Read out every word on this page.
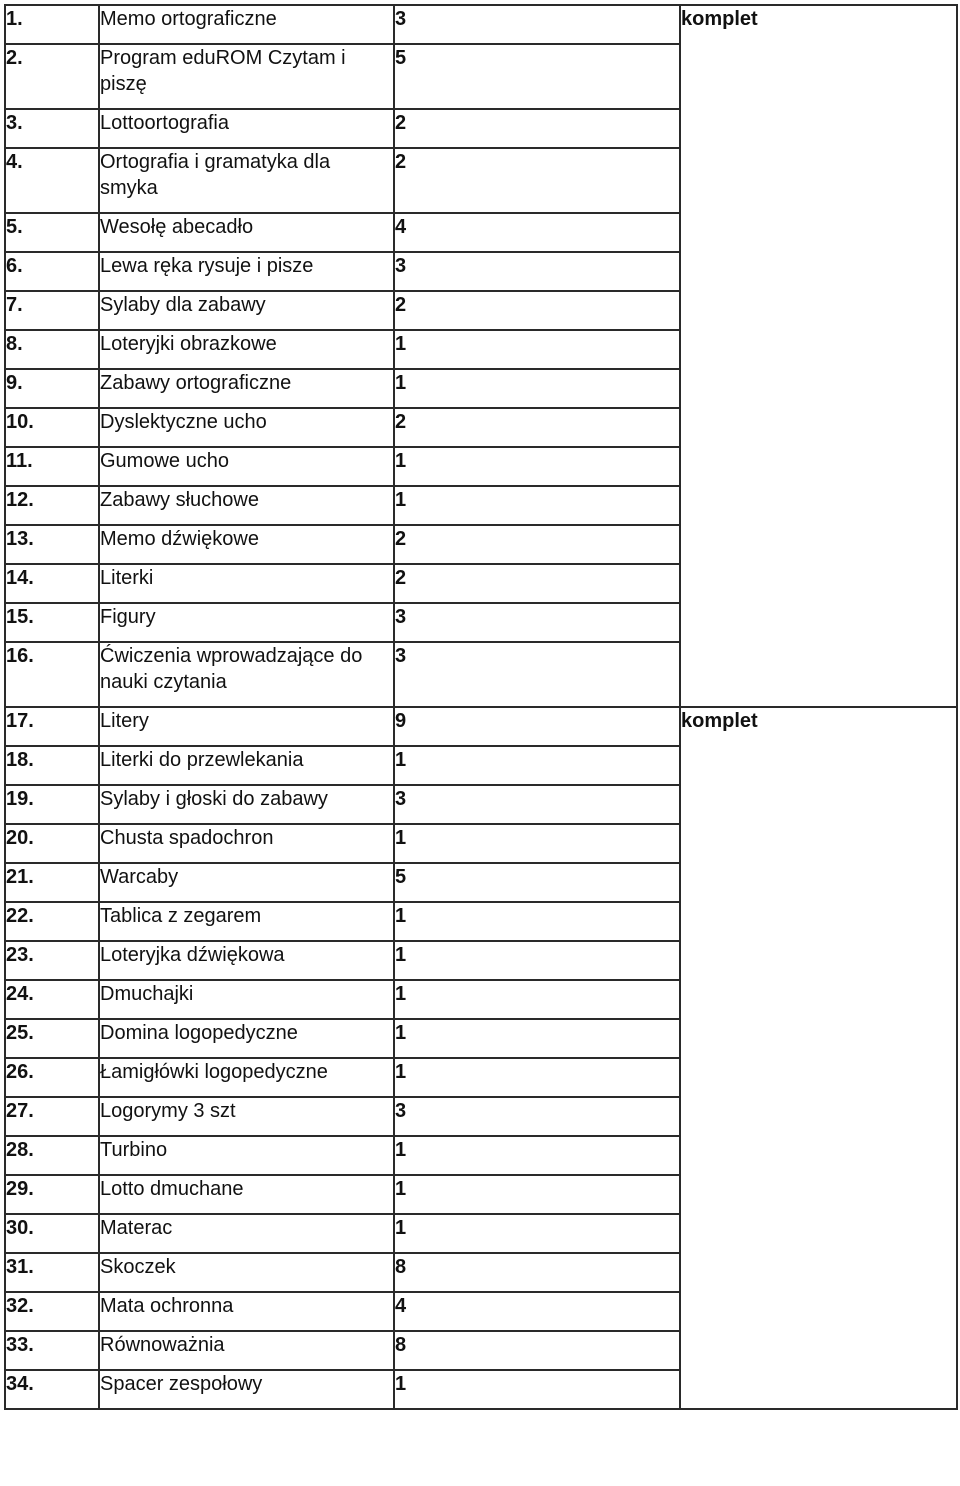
1.	Memo ortograficzne	3	komplet
2.	Program eduROM Czytam i piszę	5	
3.	Lottoortografia	2	
4.	Ortografia i gramatyka dla smyka	2	
5.	Wesołę abecadło	4	
6.	Lewa ręka rysuje i pisze	3	
7.	Sylaby dla zabawy	2	
8.	Loteryjki obrazkowe	1	
9.	Zabawy ortograficzne	1	
10.	Dyslektyczne ucho	2	
11.	Gumowe ucho	1	
12.	Zabawy słuchowe	1	
13.	Memo dźwiękowe	2	
14.	Literki	2	
15.	Figury	3	
16.	Ćwiczenia wprowadzające do nauki czytania	3	
17.	Litery	9	komplet
18.	Literki do przewlekania	1	
19.	Sylaby i głoski do zabawy	3	
20.	Chusta spadochron	1	
21.	Warcaby	5	
22.	Tablica z zegarem	1	
23.	Loteryjka dźwiękowa	1	
24.	Dmuchajki	1	
25.	Domina logopedyczne	1	
26.	Łamigłówki logopedyczne	1	
27.	Logorymy 3 szt	3	
28.	Turbino	1	
29.	Lotto dmuchane	1	
30.	Materac	1	
31.	Skoczek	8	
32.	Mata ochronna	4	
33.	Równoważnia	8	
34.	Spacer zespołowy	1	
